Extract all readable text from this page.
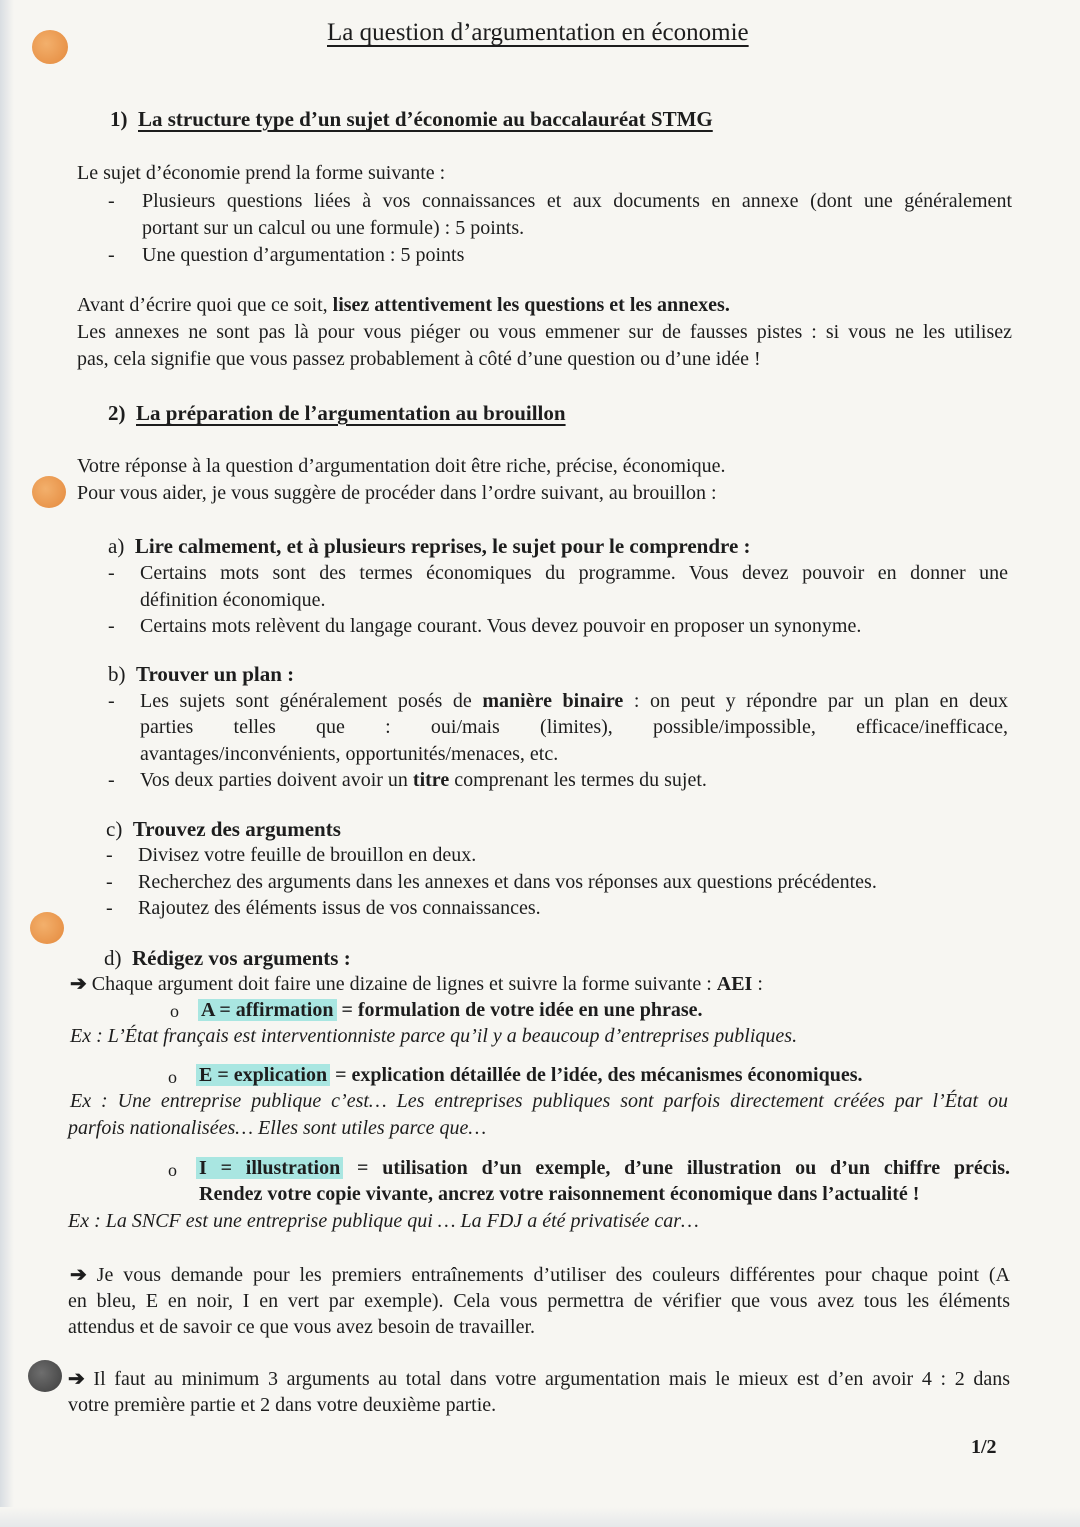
La question d’argumentation en économie
1) La structure type d’un sujet d’économie au baccalauréat STMG
Le sujet d’économie prend la forme suivante :
- Plusieurs questions liées à vos connaissances et aux documents en annexe (dont une généralement
portant sur un calcul ou une formule) : 5 points.
- Une question d’argumentation : 5 points
Avant d’écrire quoi que ce soit, lisez attentivement les questions et les annexes.
Les annexes ne sont pas là pour vous piéger ou vous emmener sur de fausses pistes : si vous ne les utilisez
pas, cela signifie que vous passez probablement à côté d’une question ou d’une idée !
2) La préparation de l’argumentation au brouillon
Votre réponse à la question d’argumentation doit être riche, précise, économique.
Pour vous aider, je vous suggère de procéder dans l’ordre suivant, au brouillon :
a) Lire calmement, et à plusieurs reprises, le sujet pour le comprendre :
- Certains mots sont des termes économiques du programme. Vous devez pouvoir en donner une
définition économique.
- Certains mots relèvent du langage courant. Vous devez pouvoir en proposer un synonyme.
b) Trouver un plan :
- Les sujets sont généralement posés de manière binaire : on peut y répondre par un plan en deux
parties telles que : oui/mais (limites), possible/impossible, efficace/inefficace,
avantages/inconvénients, opportunités/menaces, etc.
- Vos deux parties doivent avoir un titre comprenant les termes du sujet.
c) Trouvez des arguments
- Divisez votre feuille de brouillon en deux.
- Recherchez des arguments dans les annexes et dans vos réponses aux questions précédentes.
- Rajoutez des éléments issus de vos connaissances.
d) Rédigez vos arguments :
➔ Chaque argument doit faire une dizaine de lignes et suivre la forme suivante : AEI :
o A = affirmation = formulation de votre idée en une phrase.
Ex : L’État français est interventionniste parce qu’il y a beaucoup d’entreprises publiques.
o E = explication = explication détaillée de l’idée, des mécanismes économiques.
Ex : Une entreprise publique c’est… Les entreprises publiques sont parfois directement créées par l’État ou
parfois nationalisées… Elles sont utiles parce que…
o I = illustration = utilisation d’un exemple, d’une illustration ou d’un chiffre précis.
Rendez votre copie vivante, ancrez votre raisonnement économique dans l’actualité !
Ex : La SNCF est une entreprise publique qui … La FDJ a été privatisée car…
➔ Je vous demande pour les premiers entraînements d’utiliser des couleurs différentes pour chaque point (A
en bleu, E en noir, I en vert par exemple). Cela vous permettra de vérifier que vous avez tous les éléments
attendus et de savoir ce que vous avez besoin de travailler.
➔ Il faut au minimum 3 arguments au total dans votre argumentation mais le mieux est d’en avoir 4 : 2 dans
votre première partie et 2 dans votre deuxième partie.
1/2
